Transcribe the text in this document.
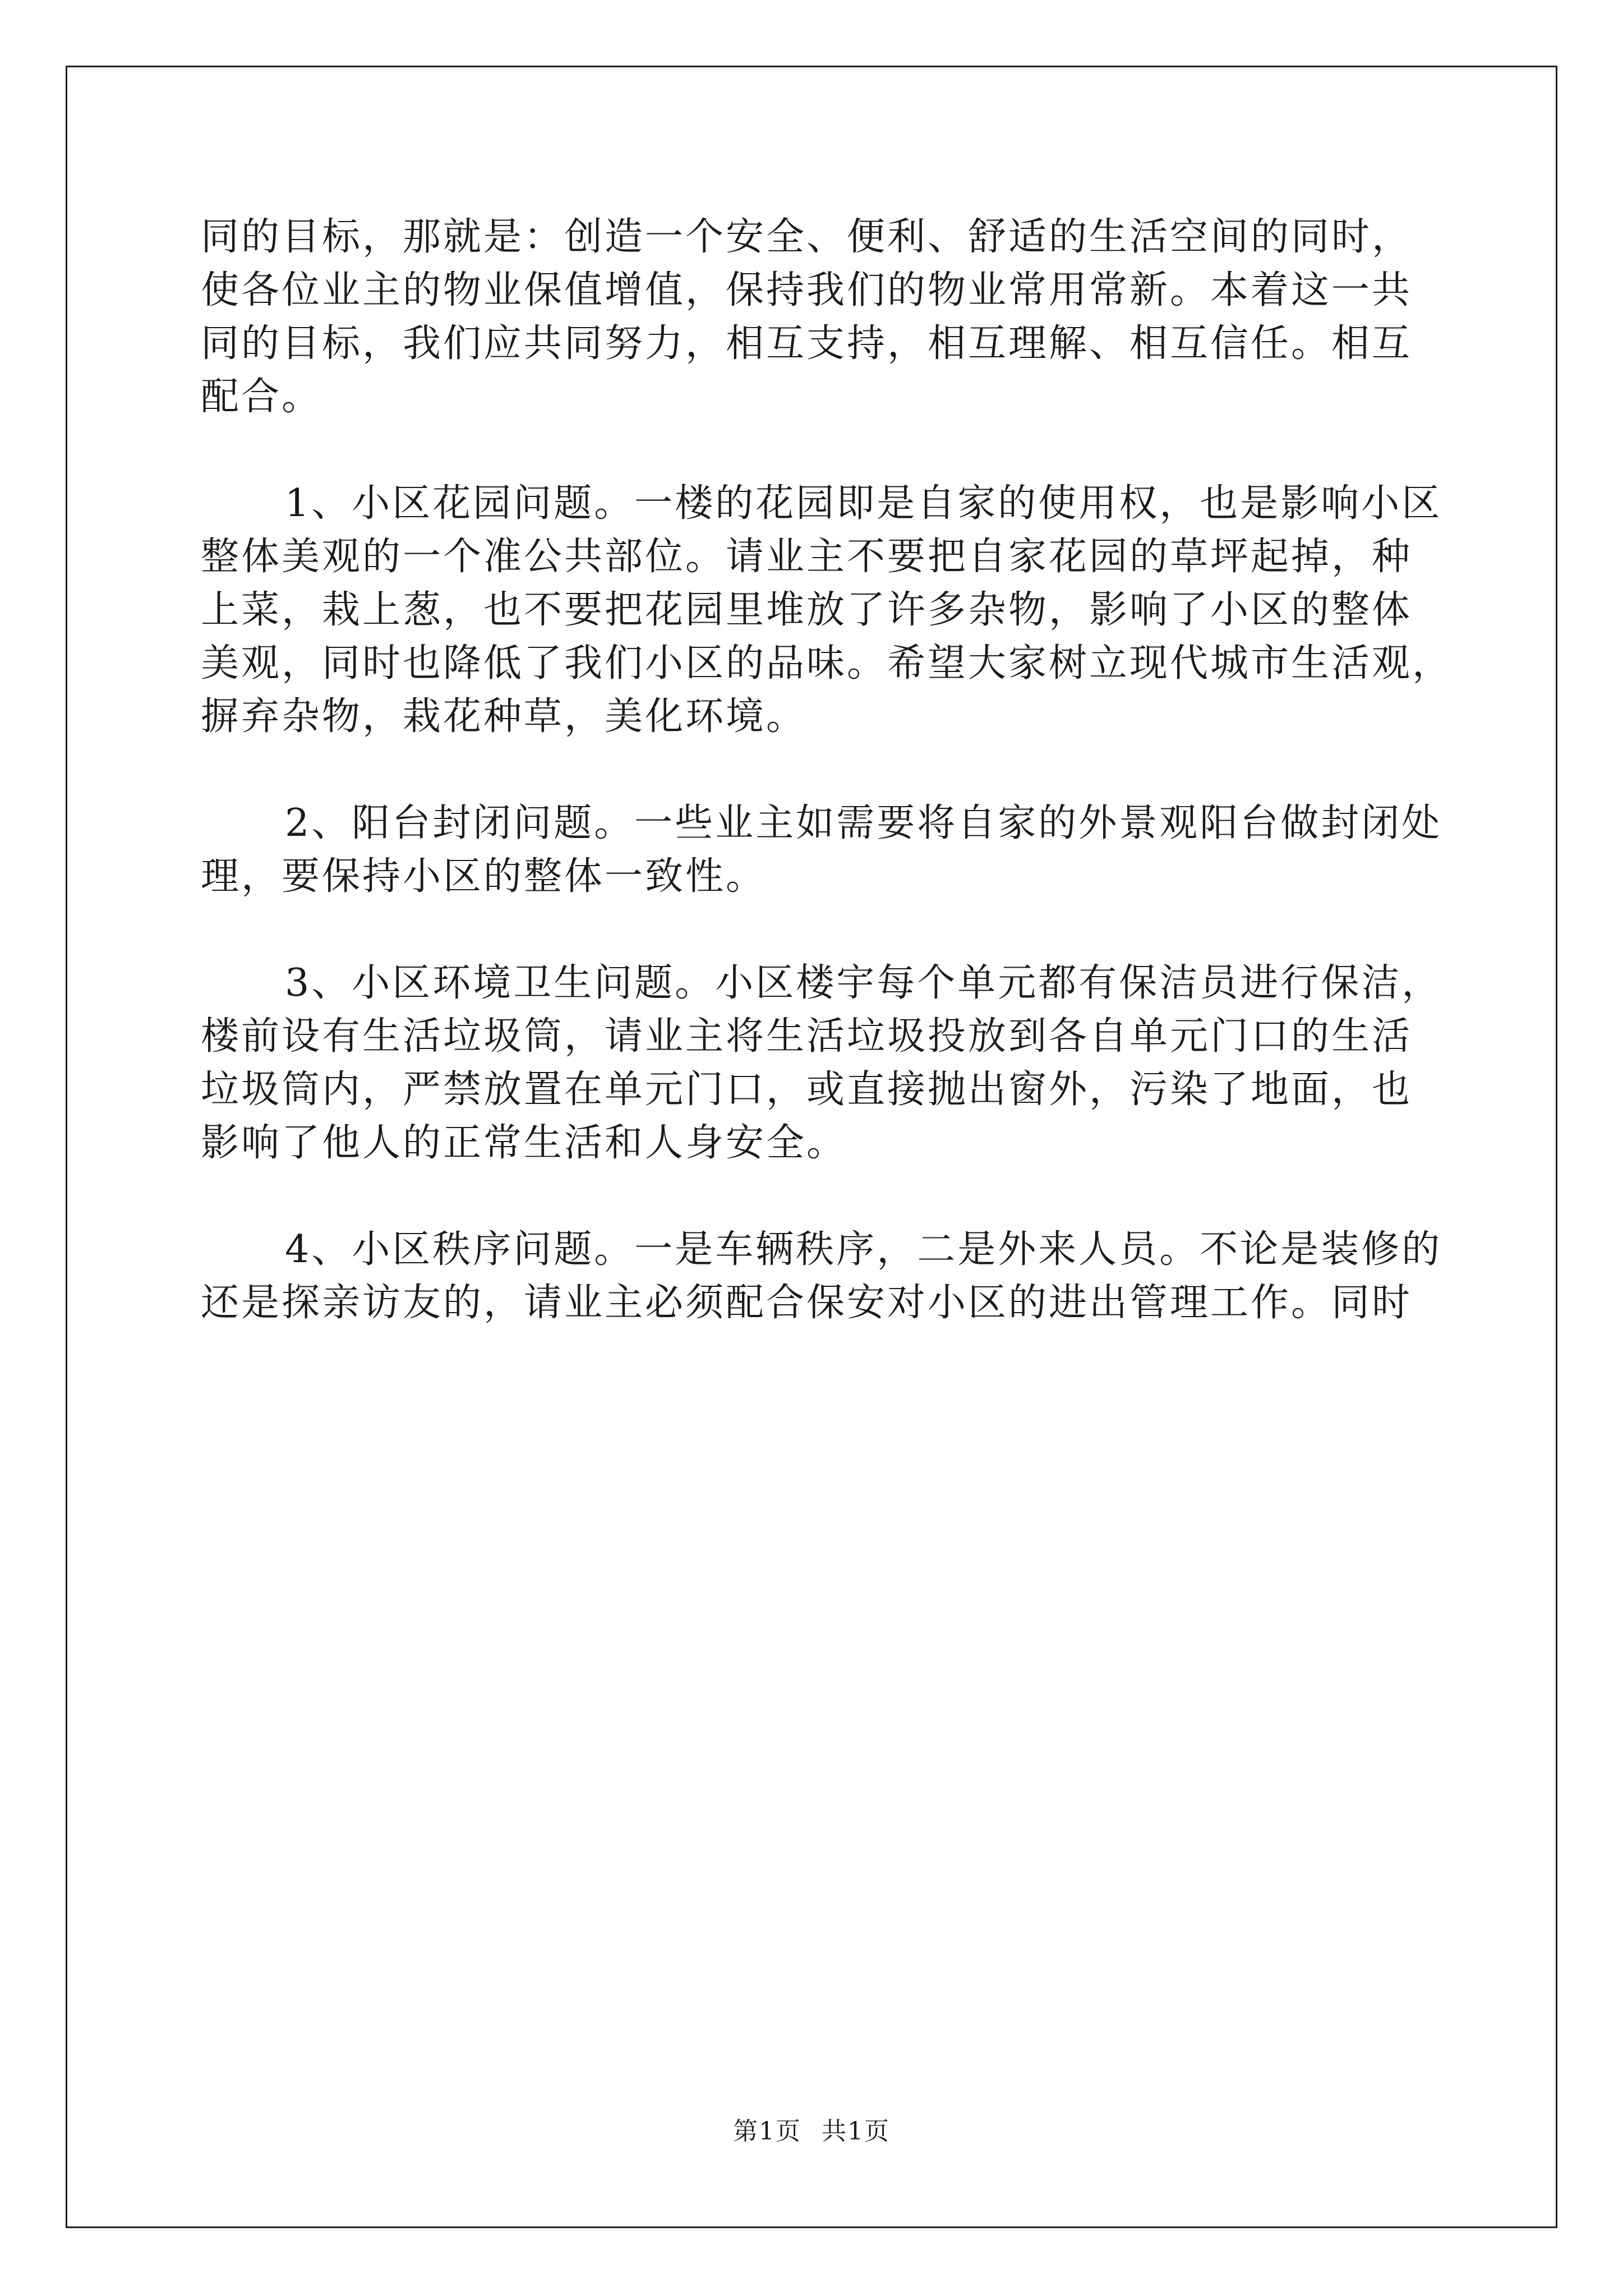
同的目标，那就是：创造一个安全、便利、舒适的生活空间的同时，
使各位业主的物业保值增值，保持我们的物业常用常新。本着这一共
同的目标，我们应共同努力，相互支持，相互理解、相互信任。相互
配合。
1、小区花园问题。一楼的花园即是自家的使用权，也是影响小区
整体美观的一个准公共部位。请业主不要把自家花园的草坪起掉，种
上菜，栽上葱，也不要把花园里堆放了许多杂物，影响了小区的整体
美观，同时也降低了我们小区的品味。希望大家树立现代城市生活观，
摒弃杂物，栽花种草，美化环境。
2、阳台封闭问题。一些业主如需要将自家的外景观阳台做封闭处
理，要保持小区的整体一致性。
3、小区环境卫生问题。小区楼宇每个单元都有保洁员进行保洁，
楼前设有生活垃圾筒，请业主将生活垃圾投放到各自单元门口的生活
垃圾筒内，严禁放置在单元门口，或直接抛出窗外，污染了地面，也
影响了他人的正常生活和人身安全。
4、小区秩序问题。一是车辆秩序，二是外来人员。不论是装修的
还是探亲访友的，请业主必须配合保安对小区的进出管理工作。同时
第1页 共1页
